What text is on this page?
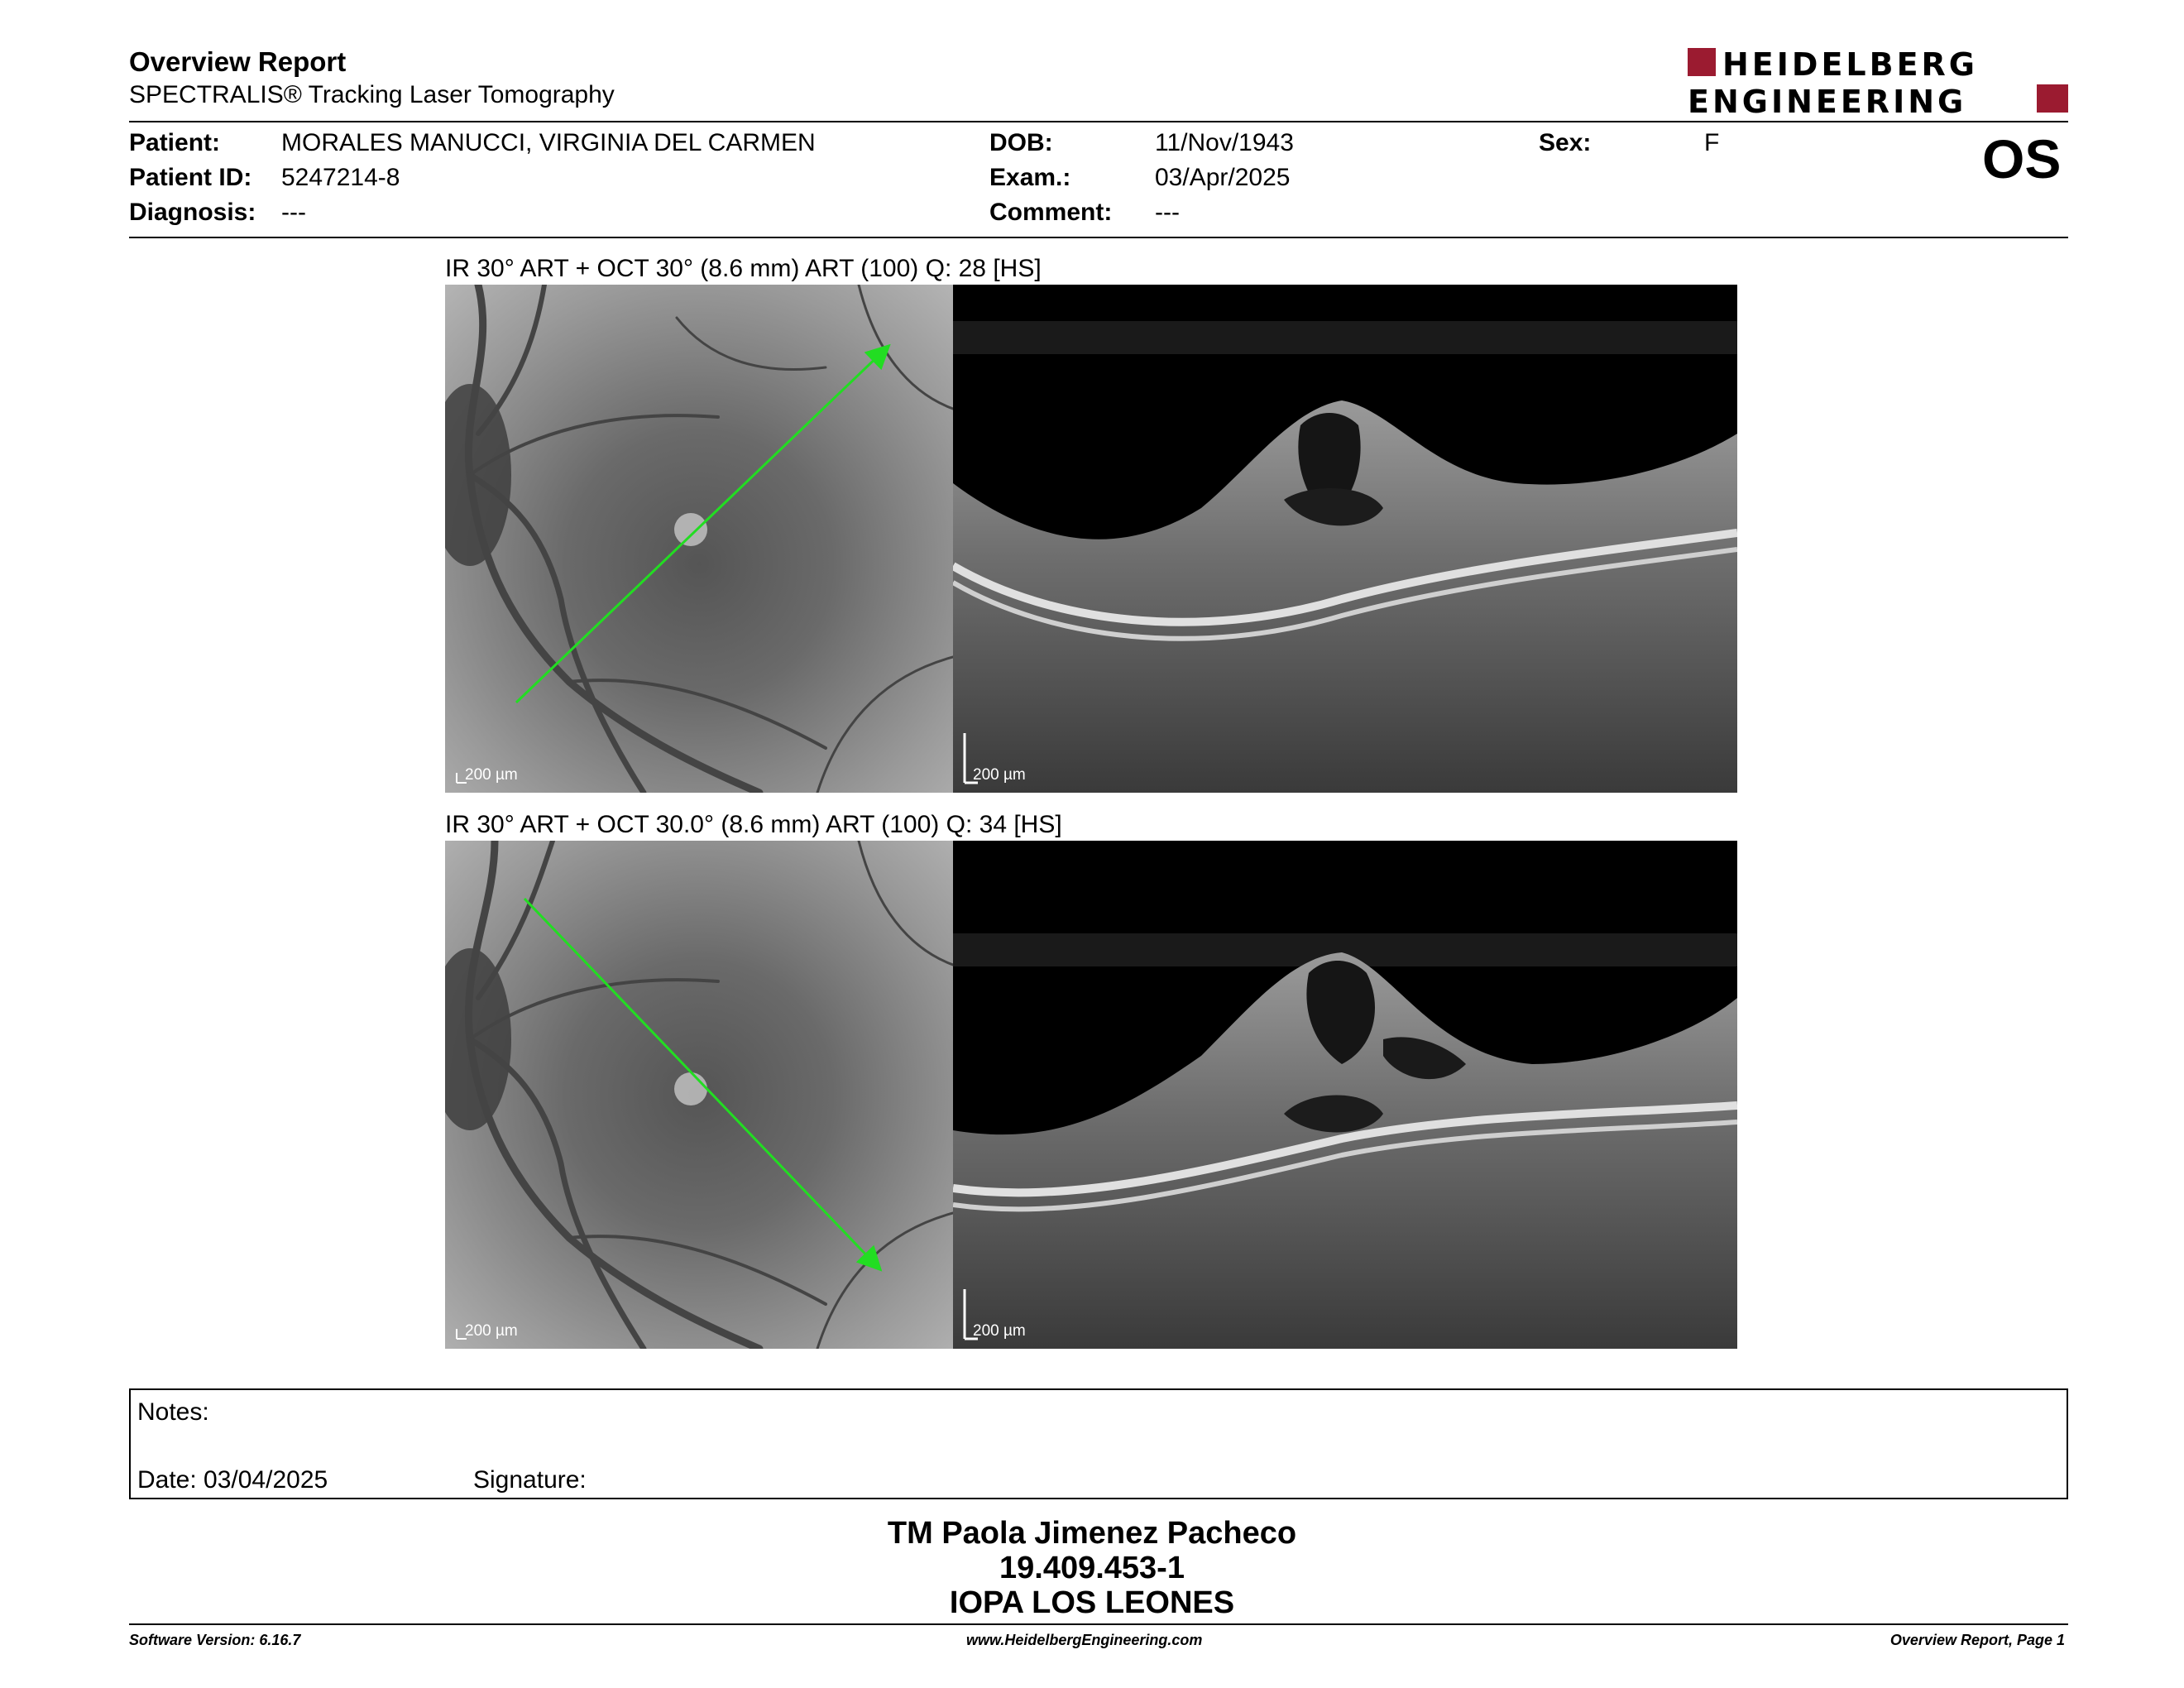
Overview Report
SPECTRALIS® Tracking Laser Tomography
HEIDELBERG
ENGINEERING
Patient: MORALES MANUCCI, VIRGINIA DEL CARMEN
Patient ID: 5247214-8
Diagnosis: ---
DOB:	11/Nov/1943
Exam.:	03/Apr/2025
Comment: ---
Sex:	F	OS
IR 30° ART + OCT 30° (8.6 mm) ART (100) Q: 28 [HS]
200 µm	200 µm
IR 30° ART + OCT 30.0° (8.6 mm) ART (100) Q: 34 [HS]
200 µm	200 µm
Notes:
Date: 03/04/2025	Signature:
TM Paola Jimenez Pacheco
19.409.453-1
IOPA LOS LEONES
Software Version: 6.16.7	www.HeidelbergEngineering.com	Overview Report, Page 1
